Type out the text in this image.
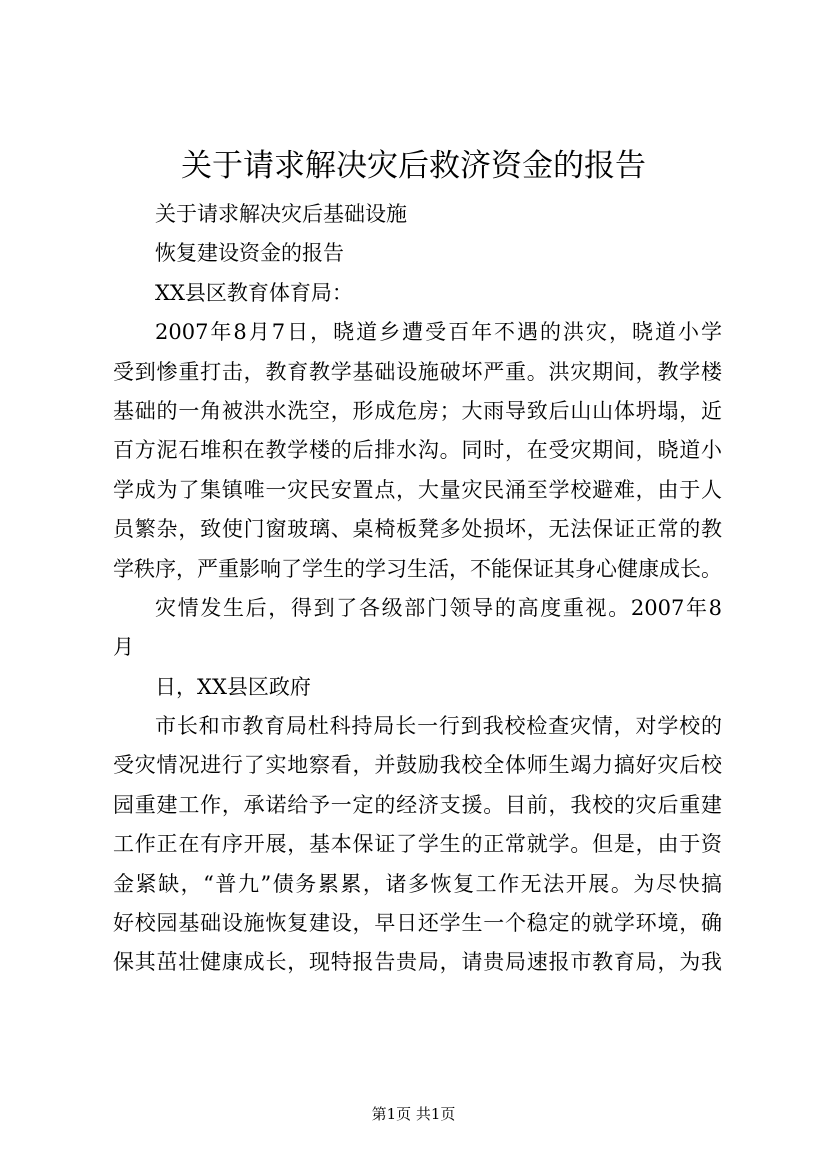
关于请求解决灾后救济资金的报告
关于请求解决灾后基础设施
恢复建设资金的报告
XX县区教育体育局：
2007年8月7日，晓道乡遭受百年不遇的洪灾，晓道小学
受到惨重打击，教育教学基础设施破坏严重。洪灾期间，教学楼
基础的一角被洪水洗空，形成危房；大雨导致后山山体坍塌，近
百方泥石堆积在教学楼的后排水沟。同时，在受灾期间，晓道小
学成为了集镇唯一灾民安置点，大量灾民涌至学校避难，由于人
员繁杂，致使门窗玻璃、桌椅板凳多处损坏，无法保证正常的教
学秩序，严重影响了学生的学习生活，不能保证其身心健康成长。
灾情发生后，得到了各级部门领导的高度重视。2007年8
月
日，XX县区政府
市长和市教育局杜科持局长一行到我校检查灾情，对学校的
受灾情况进行了实地察看，并鼓励我校全体师生竭力搞好灾后校
园重建工作，承诺给予一定的经济支援。目前，我校的灾后重建
工作正在有序开展，基本保证了学生的正常就学。但是，由于资
金紧缺，“普九”债务累累，诸多恢复工作无法开展。为尽快搞
好校园基础设施恢复建设，早日还学生一个稳定的就学环境，确
保其茁壮健康成长，现特报告贵局，请贵局速报市教育局，为我
第1页 共1页
